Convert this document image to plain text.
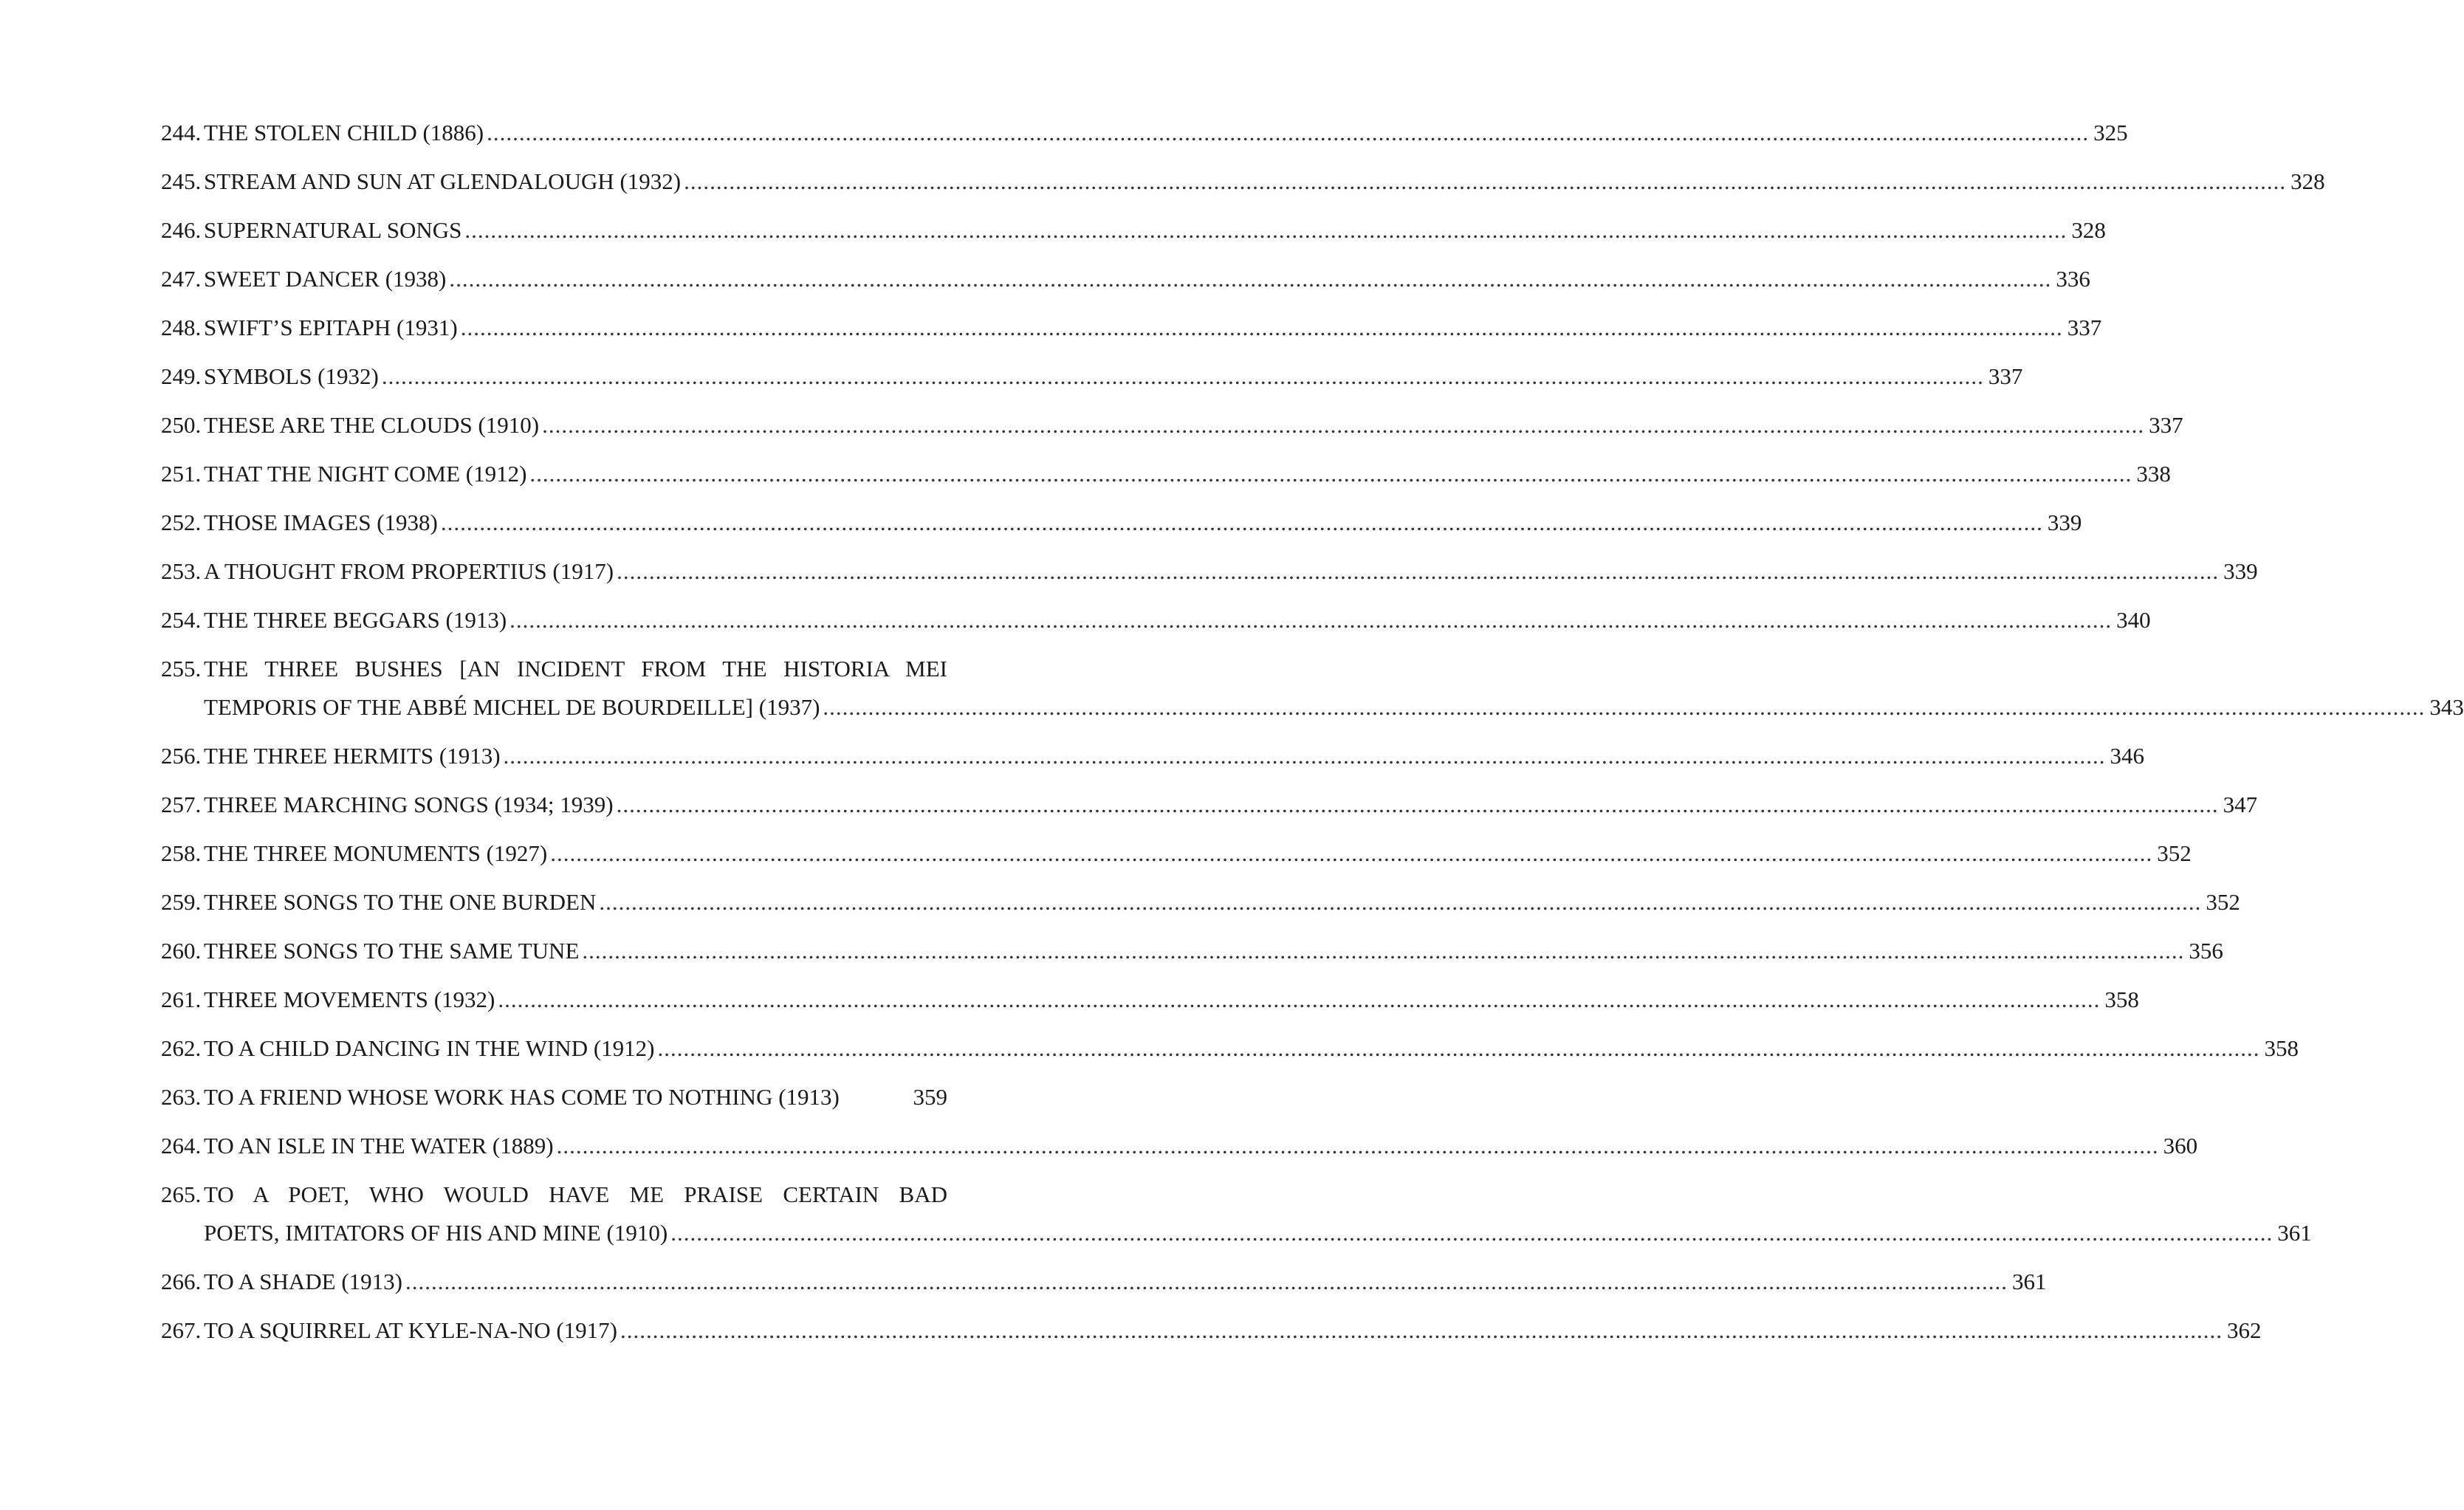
244. THE STOLEN CHILD (1886) .....	325
245. STREAM AND SUN AT GLENDALOUGH (1932) .....	328
246. SUPERNATURAL SONGS .....	328
247. SWEET DANCER (1938) .....	336
248. SWIFT’S EPITAPH (1931) .....	337
249. SYMBOLS (1932) .....	337
250. THESE ARE THE CLOUDS (1910) .....	337
251. THAT THE NIGHT COME (1912) .....	338
252. THOSE IMAGES (1938) .....	339
253. A THOUGHT FROM PROPERTIUS (1917) .....	339
254. THE THREE BEGGARS (1913) .....	340
255. THE THREE BUSHES [AN INCIDENT FROM THE HISTORIA MEI
TEMPORIS OF THE ABBÉ MICHEL DE BOURDEILLE] (1937) .....	343
256. THE THREE HERMITS (1913) .....	346
257. THREE MARCHING SONGS (1934; 1939) .....	347
258. THE THREE MONUMENTS (1927) .....	352
259. THREE SONGS TO THE ONE BURDEN .....	352
260. THREE SONGS TO THE SAME TUNE .....	356
261. THREE MOVEMENTS (1932) .....	358
262. TO A CHILD DANCING IN THE WIND (1912) .....	358
263. TO A FRIEND WHOSE WORK HAS COME TO NOTHING (1913)	359
264. TO AN ISLE IN THE WATER (1889) .....	360
265. TO A POET, WHO WOULD HAVE ME PRAISE CERTAIN BAD
POETS, IMITATORS OF HIS AND MINE (1910) .....	361
266. TO A SHADE (1913) .....	361
267. TO A SQUIRREL AT KYLE-NA-NO (1917) .....	362
